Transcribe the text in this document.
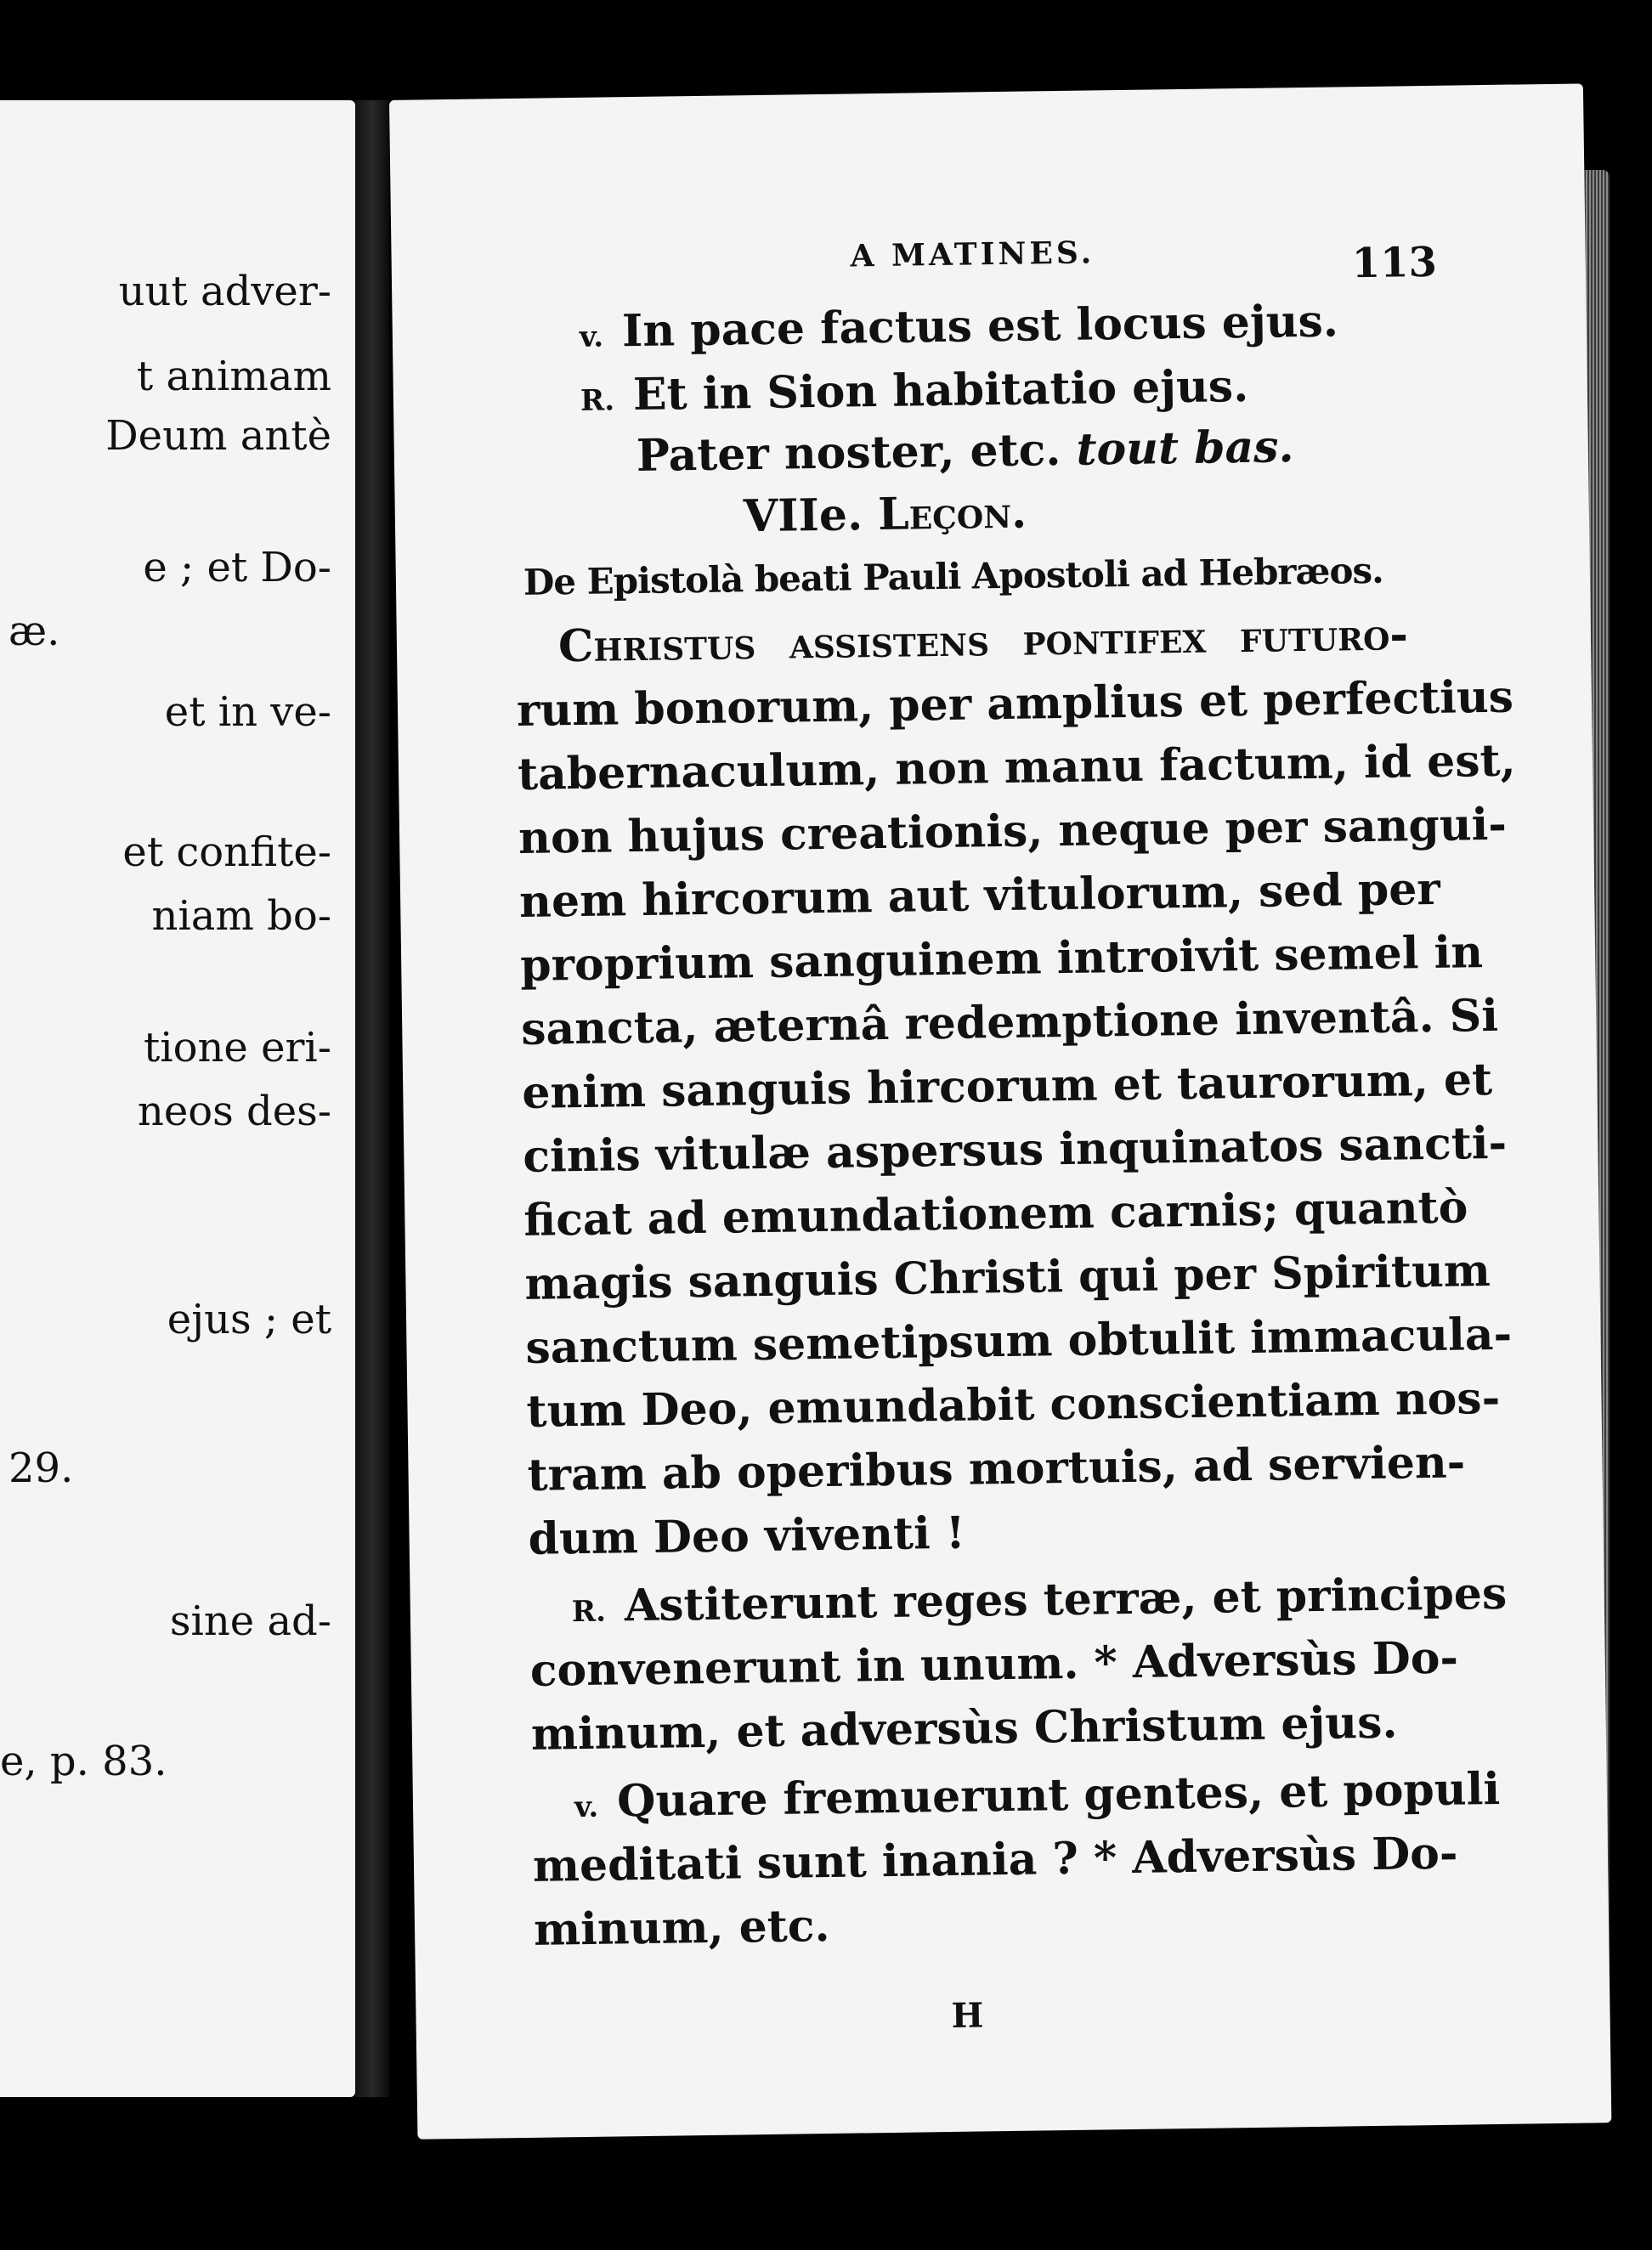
uut adver-
t animam
Deum antè
e ; et Do-
æ.
et in ve-
et confite-
niam bo-
tione eri-
neos des-
ejus ; et
29.
sine ad-
e, p. 83.
A MATINES.	113
v. In pace factus est locus ejus.
R. Et in Sion habitatio ejus.
Pater noster, etc. tout bas.
VIIe. Leçon.
De Epistolà beati Pauli Apostoli ad Hebræos.
Christus assistens pontifex futuro-
rum bonorum, per amplius et perfectius
tabernaculum, non manu factum, id est,
non hujus creationis, neque per sangui-
nem hircorum aut vitulorum, sed per
proprium sanguinem introivit semel in
sancta, æternâ redemptione inventâ. Si
enim sanguis hircorum et taurorum, et
cinis vitulæ aspersus inquinatos sancti-
ficat ad emundationem carnis; quantò
magis sanguis Christi qui per Spiritum
sanctum semetipsum obtulit immacula-
tum Deo, emundabit conscientiam nos-
tram ab operibus mortuis, ad servien-
dum Deo viventi !
R. Astiterunt reges terræ, et principes
convenerunt in unum. * Adversùs Do-
minum, et adversùs Christum ejus.
v. Quare fremuerunt gentes, et populi
meditati sunt inania ? * Adversùs Do-
minum, etc.
H
